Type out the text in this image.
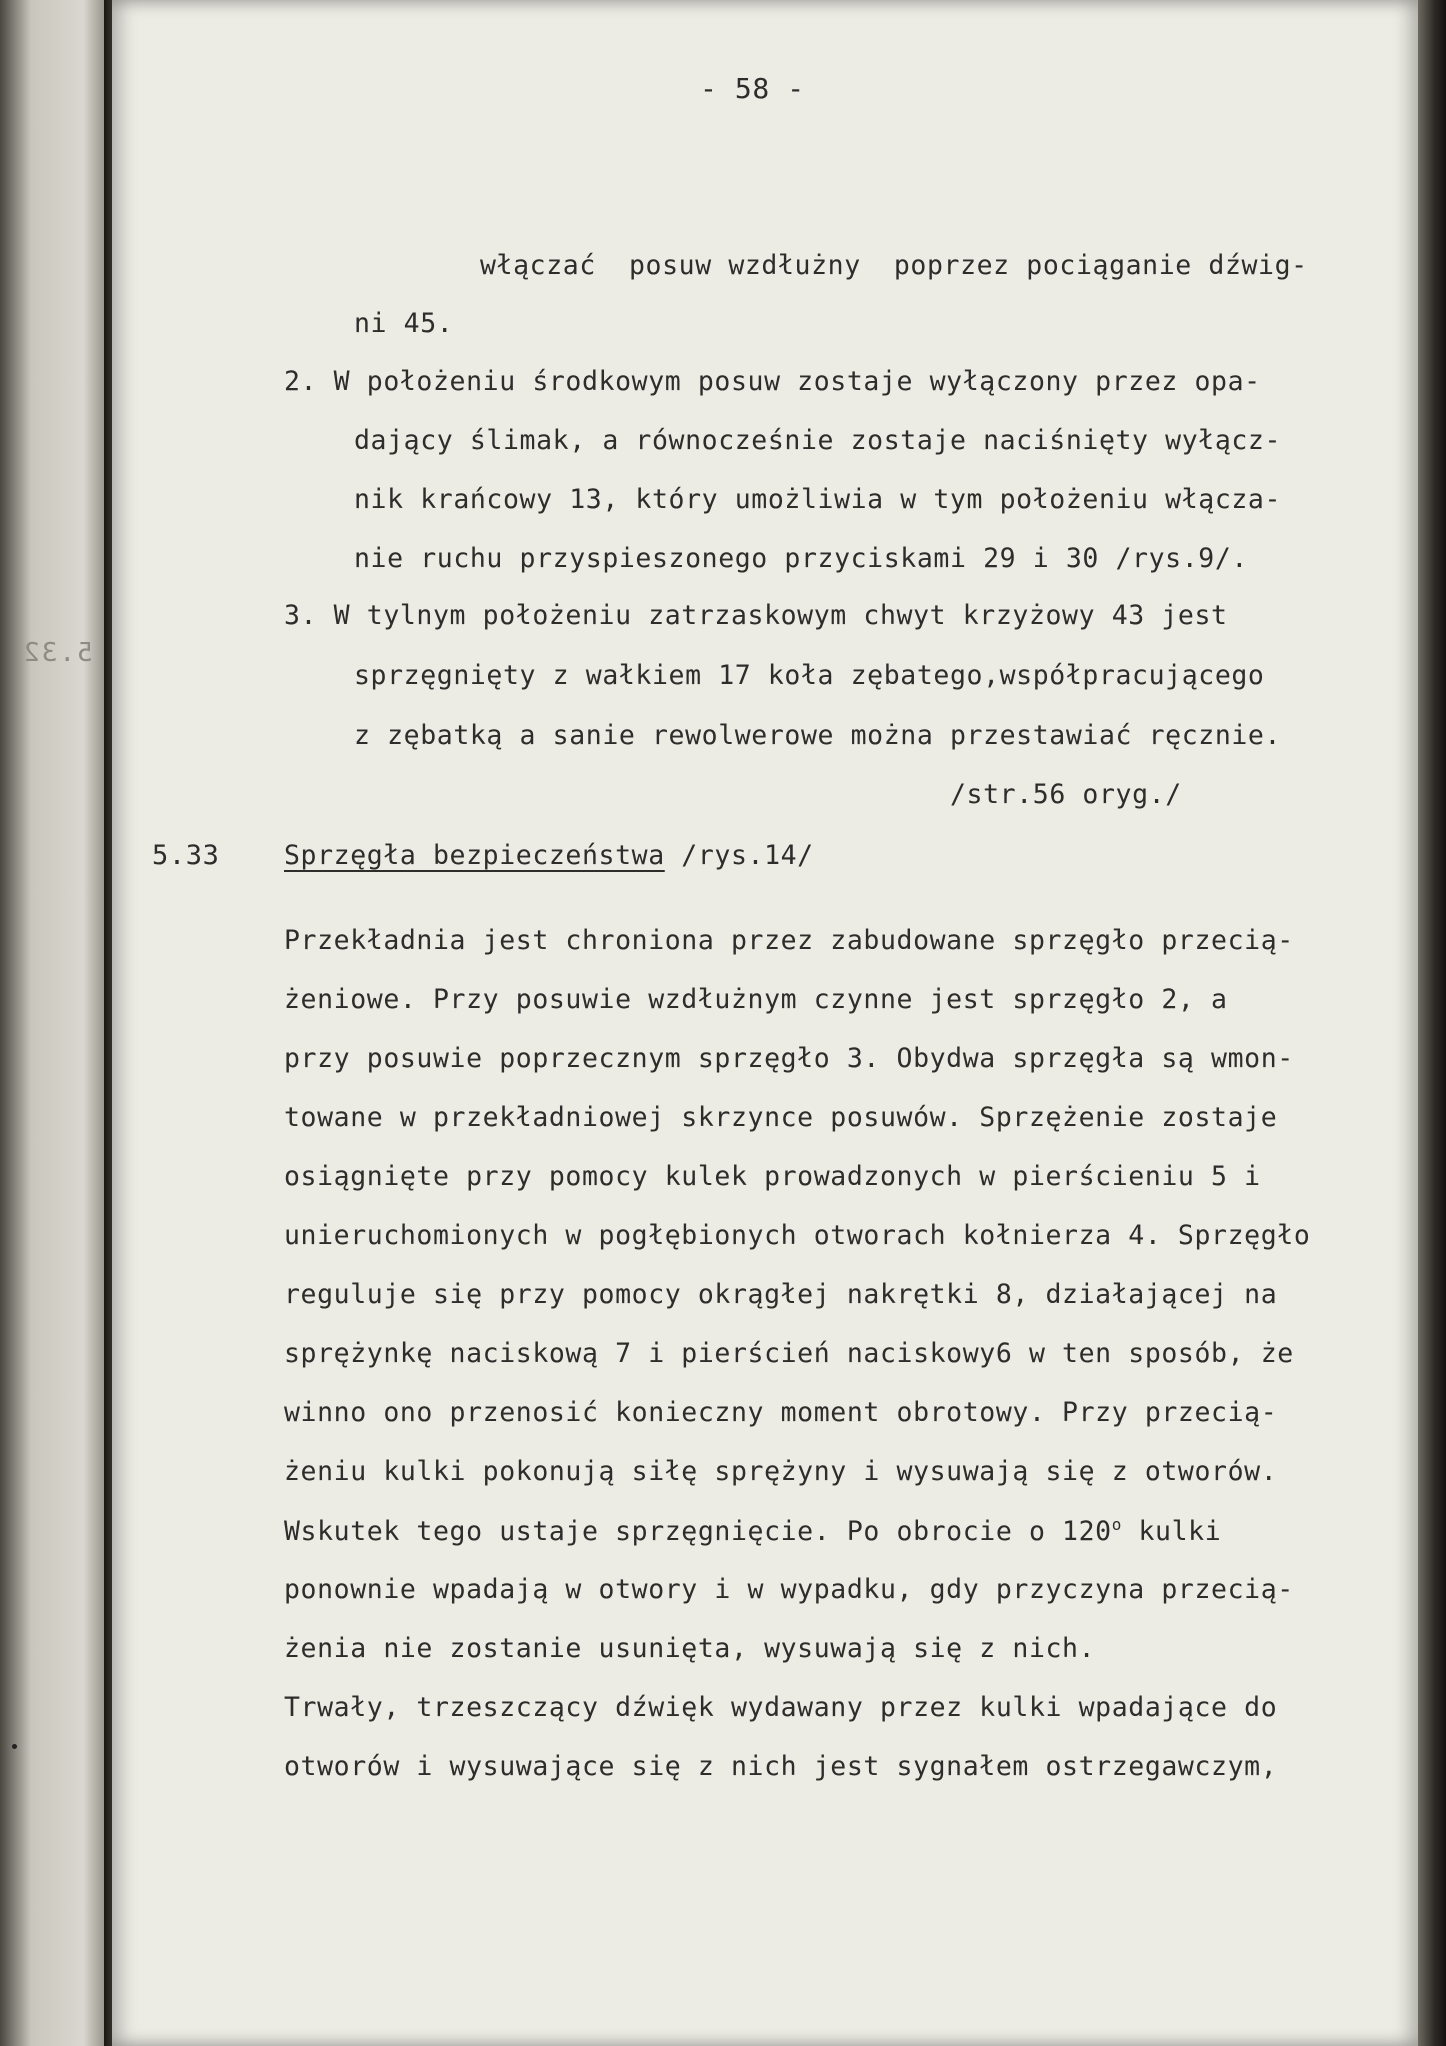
5.32
- 58 -
włączać  posuw wzdłużny  poprzez pociąganie dźwig-
ni 45.
2. W położeniu środkowym posuw zostaje wyłączony przez opa-
dający ślimak, a równocześnie zostaje naciśnięty wyłącz-
nik krańcowy 13, który umożliwia w tym położeniu włącza-
nie ruchu przyspieszonego przyciskami 29 i 30 /rys.9/.
3. W tylnym położeniu zatrzaskowym chwyt krzyżowy 43 jest
sprzęgnięty z wałkiem 17 koła zębatego,współpracującego
z zębatką a sanie rewolwerowe można przestawiać ręcznie.
/str.56 oryg./
5.33 Sprzęgła bezpieczeństwa /rys.14/
Przekładnia jest chroniona przez zabudowane sprzęgło przecią-
żeniowe. Przy posuwie wzdłużnym czynne jest sprzęgło 2, a
przy posuwie poprzecznym sprzęgło 3. Obydwa sprzęgła są wmon-
towane w przekładniowej skrzynce posuwów. Sprzężenie zostaje
osiągnięte przy pomocy kulek prowadzonych w pierścieniu 5 i
unieruchomionych w pogłębionych otworach kołnierza 4. Sprzęgło
reguluje się przy pomocy okrągłej nakrętki 8, działającej na
sprężynkę naciskową 7 i pierścień naciskowy6 w ten sposób, że
winno ono przenosić konieczny moment obrotowy. Przy przecią-
żeniu kulki pokonują siłę sprężyny i wysuwają się z otworów.
Wskutek tego ustaje sprzęgnięcie. Po obrocie o 120$^o$ kulki
ponownie wpadają w otwory i w wypadku, gdy przyczyna przecią-
żenia nie zostanie usunięta, wysuwają się z nich.
Trwały, trzeszczący dźwięk wydawany przez kulki wpadające do
otworów i wysuwające się z nich jest sygnałem ostrzegawczym,
